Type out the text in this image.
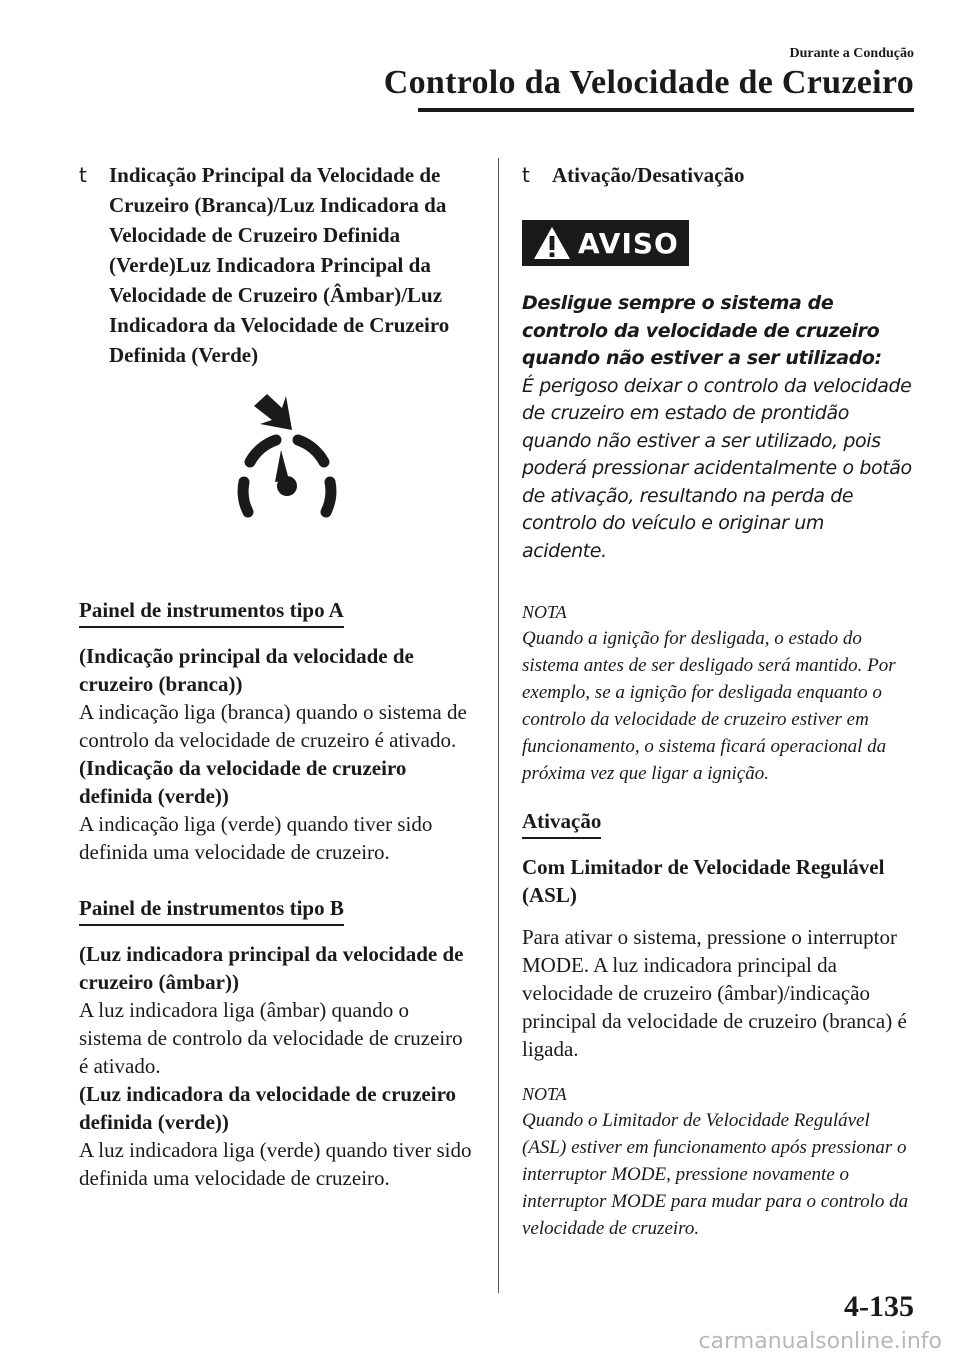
Durante a Condução
Controlo da Velocidade de Cruzeiro
t Indicação Principal da Velocidade de Cruzeiro (Branca)/Luz Indicadora da Velocidade de Cruzeiro Definida (Verde)Luz Indicadora Principal da Velocidade de Cruzeiro (Âmbar)/Luz Indicadora da Velocidade de Cruzeiro Definida (Verde)
Painel de instrumentos tipo A
(Indicação principal da velocidade de cruzeiro (branca))
A indicação liga (branca) quando o sistema de controlo da velocidade de cruzeiro é ativado.
(Indicação da velocidade de cruzeiro definida (verde))
A indicação liga (verde) quando tiver sido definida uma velocidade de cruzeiro.
Painel de instrumentos tipo B
(Luz indicadora principal da velocidade de cruzeiro (âmbar))
A luz indicadora liga (âmbar) quando o sistema de controlo da velocidade de cruzeiro é ativado.
(Luz indicadora da velocidade de cruzeiro definida (verde))
A luz indicadora liga (verde) quando tiver sido definida uma velocidade de cruzeiro.
t Ativação/Desativação
AVISO
Desligue sempre o sistema de controlo da velocidade de cruzeiro quando não estiver a ser utilizado:
É perigoso deixar o controlo da velocidade de cruzeiro em estado de prontidão quando não estiver a ser utilizado, pois poderá pressionar acidentalmente o botão de ativação, resultando na perda de controlo do veículo e originar um acidente.
NOTA
Quando a ignição for desligada, o estado do sistema antes de ser desligado será mantido. Por exemplo, se a ignição for desligada enquanto o controlo da velocidade de cruzeiro estiver em funcionamento, o sistema ficará operacional da próxima vez que ligar a ignição.
Ativação
Com Limitador de Velocidade Regulável (ASL)
Para ativar o sistema, pressione o interruptor MODE. A luz indicadora principal da velocidade de cruzeiro (âmbar)/indicação principal da velocidade de cruzeiro (branca) é ligada.
NOTA
Quando o Limitador de Velocidade Regulável (ASL) estiver em funcionamento após pressionar o interruptor MODE, pressione novamente o interruptor MODE para mudar para o controlo da velocidade de cruzeiro.
4-135
carmanualsonline.info
